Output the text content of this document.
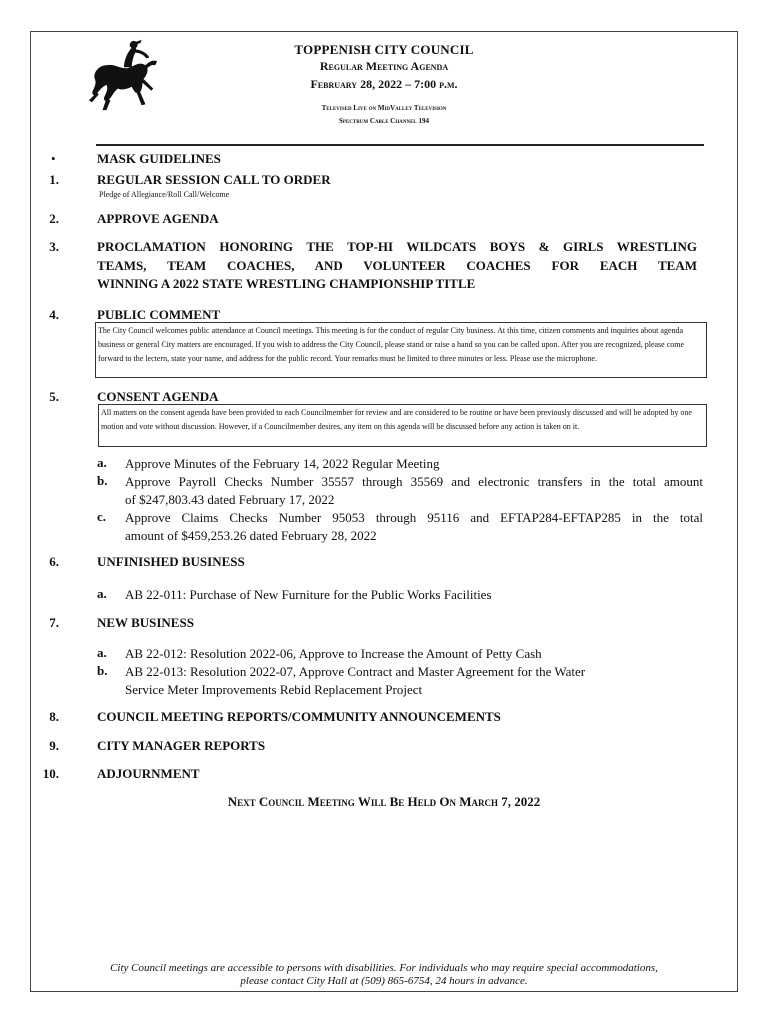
TOPPENISH CITY COUNCIL
Regular Meeting Agenda
February 28, 2022 – 7:00 p.m.
Televised Live on MidValley Television
Spectrum Cable Channel 194
•	MASK GUIDELINES
1.	REGULAR SESSION CALL TO ORDER
Pledge of Allegiance/Roll Call/Welcome
2.	APPROVE AGENDA
3.	PROCLAMATION HONORING THE TOP-HI WILDCATS BOYS & GIRLS WRESTLING
TEAMS, TEAM COACHES, AND VOLUNTEER COACHES FOR EACH TEAM
WINNING A 2022 STATE WRESTLING CHAMPIONSHIP TITLE
4.	PUBLIC COMMENT
The City Council welcomes public attendance at Council meetings. This meeting is for the conduct of regular City business. At this time, citizen comments and inquiries about agenda business or general City matters are encouraged. If you wish to address the City Council, please stand or raise a hand so you can be called upon. After you are recognized, please come forward to the lectern, state your name, and address for the public record. Your remarks must be limited to three minutes or less. Please use the microphone.
5.	CONSENT AGENDA
All matters on the consent agenda have been provided to each Councilmember for review and are considered to be routine or have been previously discussed and will be adopted by one motion and vote without discussion. However, if a Councilmember desires, any item on this agenda will be discussed before any action is taken on it.
a. Approve Minutes of the February 14, 2022 Regular Meeting
b. Approve Payroll Checks Number 35557 through 35569 and electronic transfers in the total amount
of $247,803.43 dated February 17, 2022
c. Approve Claims Checks Number 95053 through 95116 and EFTAP284-EFTAP285 in the total
amount of $459,253.26 dated February 28, 2022
6.	UNFINISHED BUSINESS
a. AB 22-011: Purchase of New Furniture for the Public Works Facilities
7.	NEW BUSINESS
a. AB 22-012: Resolution 2022-06, Approve to Increase the Amount of Petty Cash
b. AB 22-013: Resolution 2022-07, Approve Contract and Master Agreement for the Water
Service Meter Improvements Rebid Replacement Project
8.	COUNCIL MEETING REPORTS/COMMUNITY ANNOUNCEMENTS
9.	CITY MANAGER REPORTS
10.	ADJOURNMENT
Next Council Meeting Will Be Held On March 7, 2022
City Council meetings are accessible to persons with disabilities. For individuals who may require special accommodations,
please contact City Hall at (509) 865-6754, 24 hours in advance.
